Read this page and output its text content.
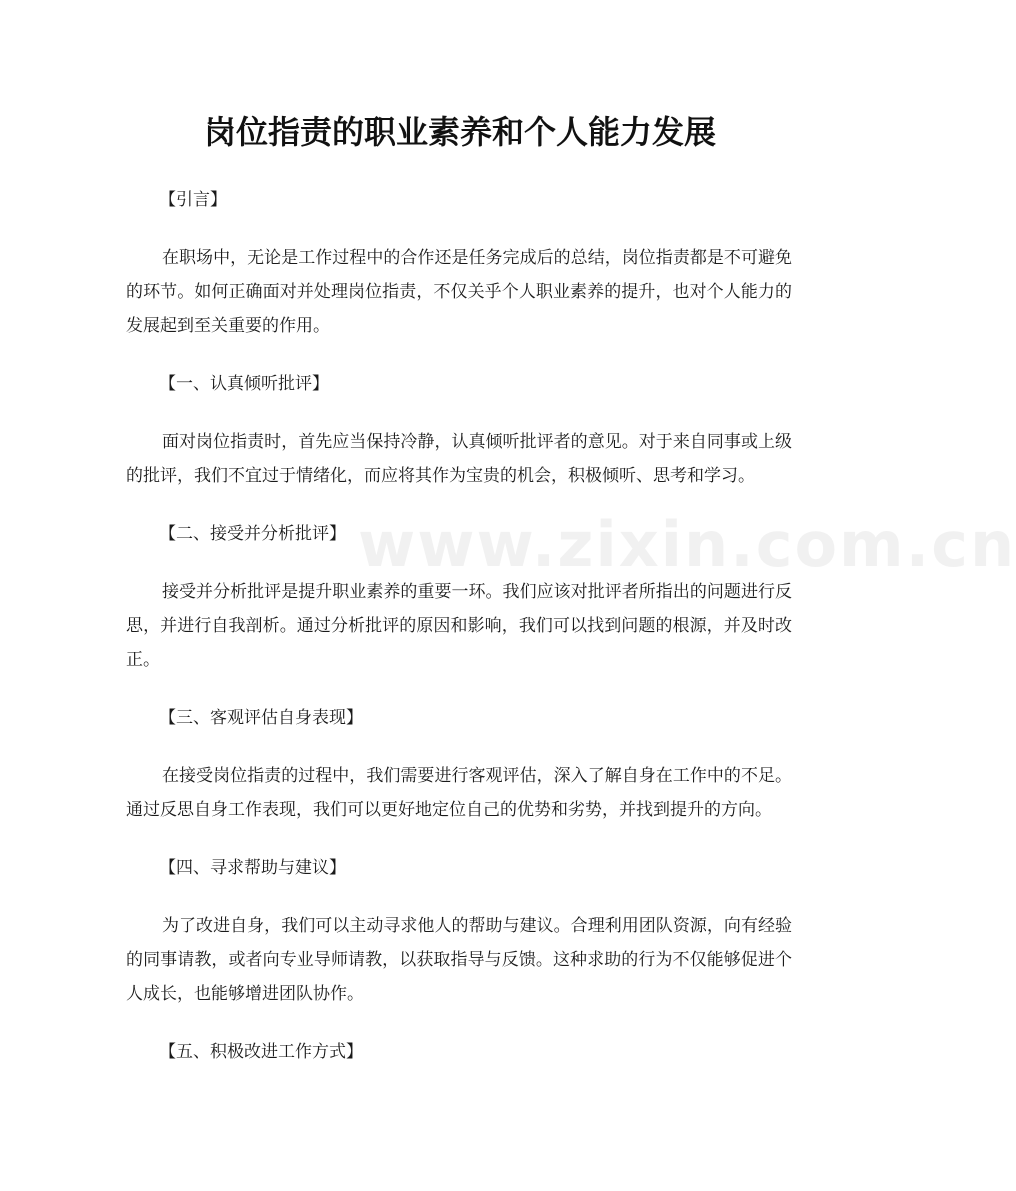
岗位指责的职业素养和个人能力发展
www.zixin.com.cn

【引言】

在职场中，无论是工作过程中的合作还是任务完成后的总结，岗位指责都是不可避免的环节。如何正确面对并处理岗位指责，不仅关乎个人职业素养的提升，也对个人能力的发展起到至关重要的作用。

【一、认真倾听批评】

面对岗位指责时，首先应当保持冷静，认真倾听批评者的意见。对于来自同事或上级的批评，我们不宜过于情绪化，而应将其作为宝贵的机会，积极倾听、思考和学习。

【二、接受并分析批评】

接受并分析批评是提升职业素养的重要一环。我们应该对批评者所指出的问题进行反思，并进行自我剖析。通过分析批评的原因和影响，我们可以找到问题的根源，并及时改正。

【三、客观评估自身表现】

在接受岗位指责的过程中，我们需要进行客观评估，深入了解自身在工作中的不足。通过反思自身工作表现，我们可以更好地定位自己的优势和劣势，并找到提升的方向。

【四、寻求帮助与建议】

为了改进自身，我们可以主动寻求他人的帮助与建议。合理利用团队资源，向有经验的同事请教，或者向专业导师请教，以获取指导与反馈。这种求助的行为不仅能够促进个人成长，也能够增进团队协作。

【五、积极改进工作方式】
